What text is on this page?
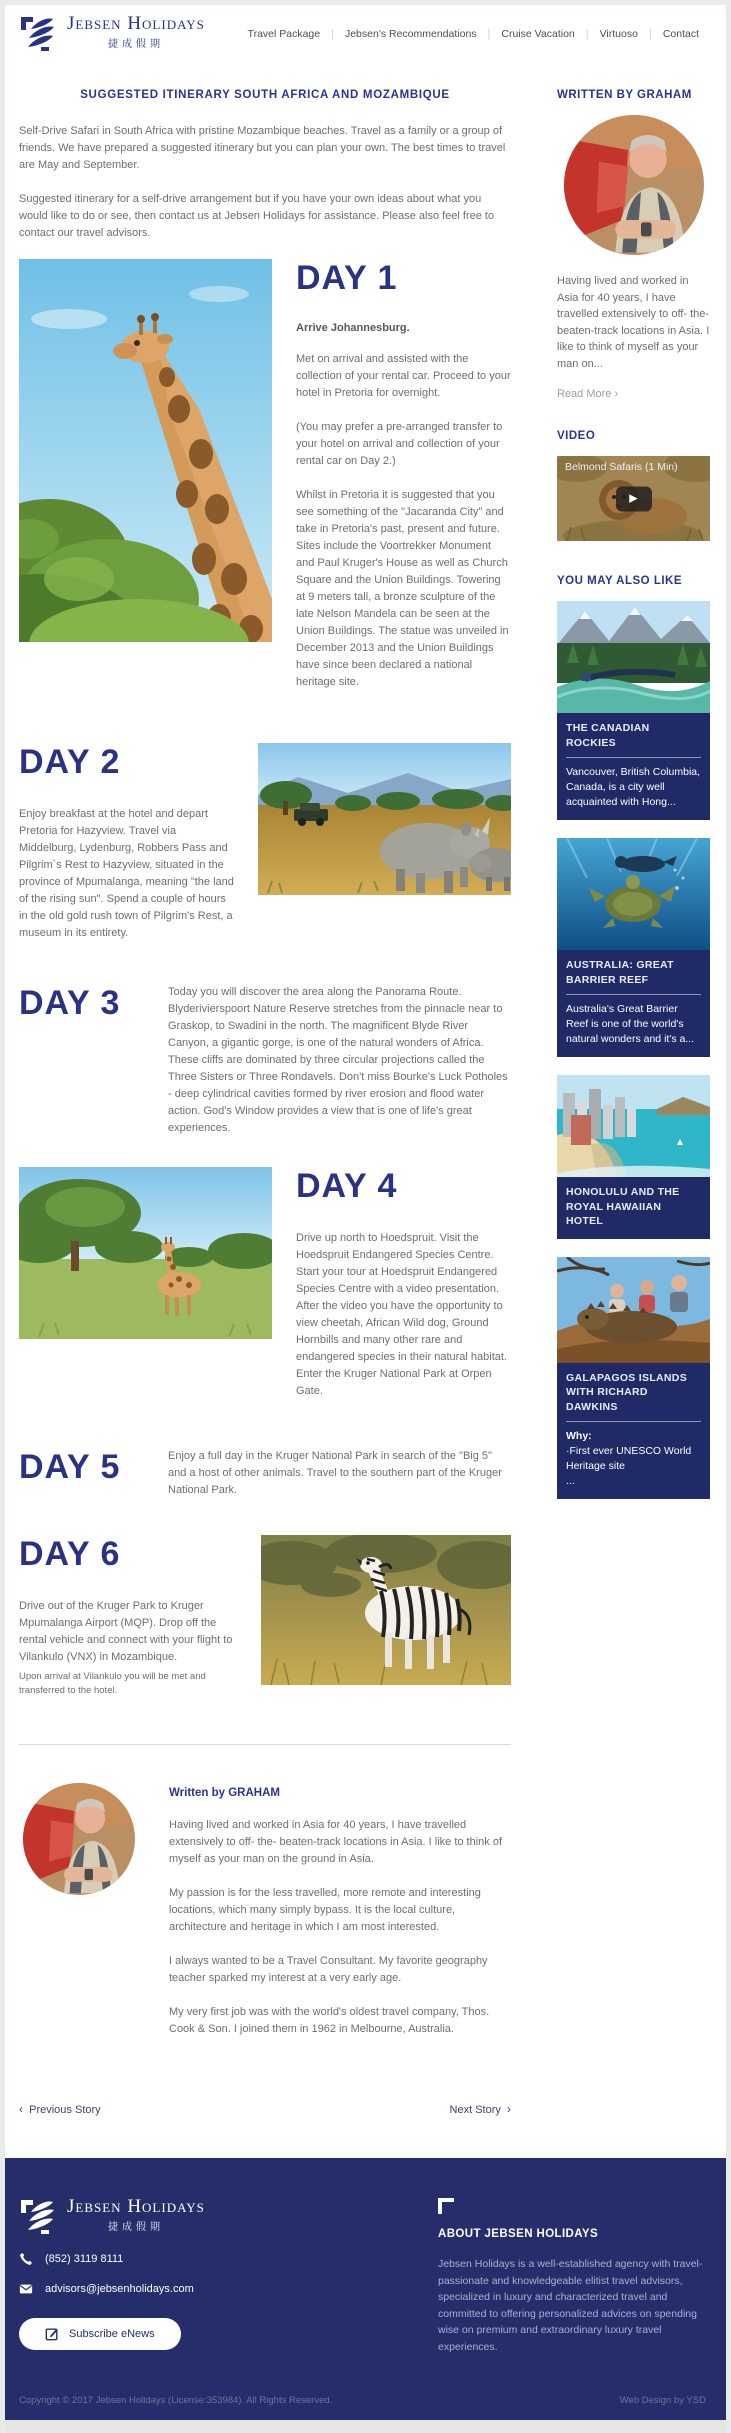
Jebsen Holidays
捷成假期
Travel Package	|	Jebsen's Recommendations	|	Cruise Vacation	|	Virtuoso	|	Contact
SUGGESTED ITINERARY SOUTH AFRICA AND MOZAMBIQUE

Self-Drive Safari in South Africa with pristine Mozambique beaches. Travel as a family or a group of friends. We have prepared a suggested itinerary but you can plan your own. The best times to travel are May and September.

Suggested itinerary for a self-drive arrangement but if you have your own ideas about what you would like to do or see, then contact us at Jebsen Holidays for assistance. Please also feel free to contact our travel advisors.

DAY 1

Arrive Johannesburg.

Met on arrival and assisted with the collection of your rental car. Proceed to your hotel in Pretoria for overnight.

(You may prefer a pre-arranged transfer to your hotel on arrival and collection of your rental car on Day 2.)

Whilst in Pretoria it is suggested that you see something of the "Jacaranda City" and take in Pretoria's past, present and future. Sites include the Voortrekker Monument and Paul Kruger's House as well as Church Square and the Union Buildings. Towering at 9 meters tall, a bronze sculpture of the late Nelson Mandela can be seen at the Union Buildings. The statue was unveiled in December 2013 and the Union Buildings have since been declared a national heritage site.

DAY 2

Enjoy breakfast at the hotel and depart Pretoria for Hazyview. Travel via Middelburg, Lydenburg, Robbers Pass and Pilgrim`s Rest to Hazyview, situated in the province of Mpumalanga, meaning "the land of the rising sun". Spend a couple of hours in the old gold rush town of Pilgrim's Rest, a museum in its entirety.

DAY 3	Today you will discover the area along the Panorama Route. Blyderivierspoort Nature Reserve stretches from the pinnacle near to Graskop, to Swadini in the north. The magnificent Blyde River Canyon, a gigantic gorge, is one of the natural wonders of Africa. These cliffs are dominated by three circular projections called the Three Sisters or Three Rondavels. Don't miss Bourke's Luck Potholes - deep cylindrical cavities formed by river erosion and flood water action. God's Window provides a view that is one of life's great experiences.

DAY 4

Drive up north to Hoedspruit. Visit the Hoedspruit Endangered Species Centre. Start your tour at Hoedspruit Endangered Species Centre with a video presentation. After the video you have the opportunity to view cheetah, African Wild dog, Ground Hornbills and many other rare and endangered species in their natural habitat. Enter the Kruger National Park at Orpen Gate.

DAY 5	Enjoy a full day in the Kruger National Park in search of the "Big 5" and a host of other animals. Travel to the southern part of the Kruger National Park.

DAY 6

Drive out of the Kruger Park to Kruger Mpumalanga Airport (MQP). Drop off the rental vehicle and connect with your flight to Vilankulo (VNX) in Mozambique.

Upon arrival at Vilankulo you will be met and transferred to the hotel.

Written by GRAHAM

Having lived and worked in Asia for 40 years, I have travelled extensively to off- the- beaten-track locations in Asia. I like to think of myself as your man on the ground in Asia.

My passion is for the less travelled, more remote and interesting locations, which many simply bypass. It is the local culture, architecture and heritage in which I am most interested.

I always wanted to be a Travel Consultant. My favorite geography teacher sparked my interest at a very early age.

My very first job was with the world's oldest travel company, Thos. Cook & Son. I joined them in 1962 in Melbourne, Australia.

‹ Previous Story	Next Story ›
WRITTEN BY GRAHAM

Having lived and worked in Asia for 40 years, I have travelled extensively to off- the- beaten-track locations in Asia. I like to think of myself as your man on...

Read More ›
VIDEO
Belmond Safaris (1 Min)
▶
YOU MAY ALSO LIKE
THE CANADIAN ROCKIES
Vancouver, British Columbia, Canada, is a city well acquainted with Hong...
AUSTRALIA: GREAT BARRIER REEF
Australia's Great Barrier Reef is one of the world's natural wonders and it's a...
HONOLULU AND THE ROYAL HAWAIIAN HOTEL
GALAPAGOS ISLANDS WITH RICHARD DAWKINS
Why:
·First ever UNESCO World Heritage site
...
Jebsen Holidays
捷成假期
(852) 3119 8111
advisors@jebsenholidays.com
Subscribe eNews
ABOUT JEBSEN HOLIDAYS

Jebsen Holidays is a well-established agency with travel-passionate and knowledgeable elitist travel advisors, specialized in luxury and characterized travel and committed to offering personalized advices on spending wise on premium and extraordinary luxury travel experiences.

Copyright © 2017 Jebsen Holidays (License:353984). All Rights Reserved.	Web Design by YSD
